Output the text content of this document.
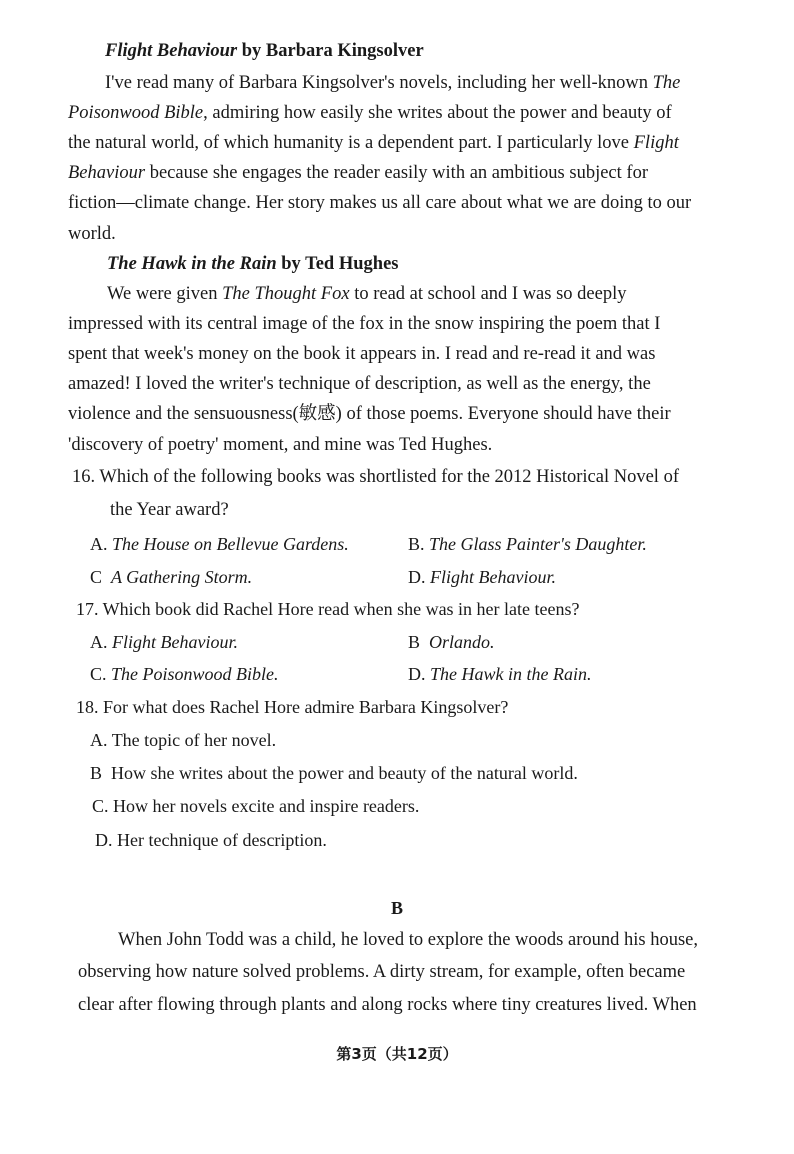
Flight Behaviour by Barbara Kingsolver
I've read many of Barbara Kingsolver's novels, including her well-known The
Poisonwood Bible, admiring how easily she writes about the power and beauty of
the natural world, of which humanity is a dependent part. I particularly love Flight
Behaviour because she engages the reader easily with an ambitious subject for
fiction—climate change. Her story makes us all care about what we are doing to our
world.
The Hawk in the Rain by Ted Hughes
We were given The Thought Fox to read at school and I was so deeply
impressed with its central image of the fox in the snow inspiring the poem that I
spent that week's money on the book it appears in. I read and re-read it and was
amazed! I loved the writer's technique of description, as well as the energy, the
violence and the sensuousness(敏感) of those poems. Everyone should have their
'discovery of poetry' moment, and mine was Ted Hughes.
16. Which of the following books was shortlisted for the 2012 Historical Novel of
the Year award?
A. The House on Bellevue Gardens.	B. The Glass Painter's Daughter.
C  A Gathering Storm.	D. Flight Behaviour.
17. Which book did Rachel Hore read when she was in her late teens?
A. Flight Behaviour.	B  Orlando.
C. The Poisonwood Bible.	D. The Hawk in the Rain.
18. For what does Rachel Hore admire Barbara Kingsolver?
A. The topic of her novel.
B  How she writes about the power and beauty of the natural world.
C. How her novels excite and inspire readers.
D. Her technique of description.
B
When John Todd was a child, he loved to explore the woods around his house,
observing how nature solved problems. A dirty stream, for example, often became
clear after flowing through plants and along rocks where tiny creatures lived. When
第3页（共12页）
